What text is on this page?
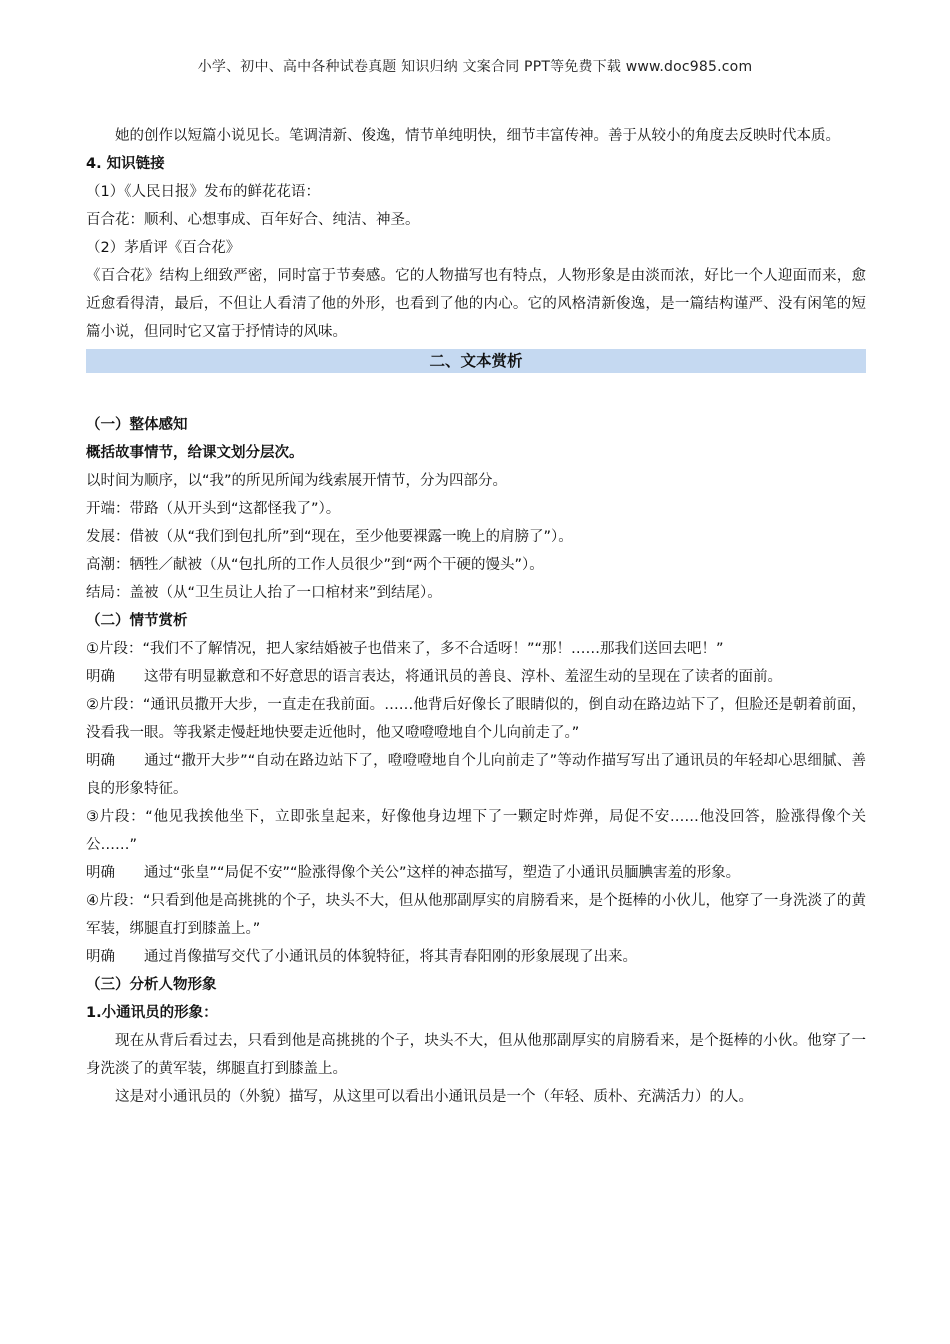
小学、初中、高中各种试卷真题 知识归纳 文案合同 PPT等免费下载 www.doc985.com

她的创作以短篇小说见长。笔调清新、俊逸，情节单纯明快，细节丰富传神。善于从较小的角度去反映时代本质。

4. 知识链接

（1）《人民日报》发布的鲜花花语：

百合花：顺利、心想事成、百年好合、纯洁、神圣。

（2）茅盾评《百合花》

《百合花》结构上细致严密，同时富于节奏感。它的人物描写也有特点，人物形象是由淡而浓，好比一个人迎面而来，愈近愈看得清，最后，不但让人看清了他的外形，也看到了他的内心。它的风格清新俊逸，是一篇结构谨严、没有闲笔的短篇小说，但同时它又富于抒情诗的风味。

二、文本赏析

（一）整体感知

概括故事情节，给课文划分层次。

以时间为顺序，以“我”的所见所闻为线索展开情节，分为四部分。

开端：带路（从开头到“这都怪我了”）。

发展：借被（从“我们到包扎所”到“现在，至少他要裸露一晚上的肩膀了”）。

高潮：牺牲／献被（从“包扎所的工作人员很少”到“两个干硬的馒头”）。

结局：盖被（从“卫生员让人抬了一口棺材来”到结尾）。

（二）情节赏析

①片段：“我们不了解情况，把人家结婚被子也借来了，多不合适呀！”“那！……那我们送回去吧！”

明确 这带有明显歉意和不好意思的语言表达，将通讯员的善良、淳朴、羞涩生动的呈现在了读者的面前。

②片段：“通讯员撒开大步，一直走在我前面。……他背后好像长了眼睛似的，倒自动在路边站下了，但脸还是朝着前面，没看我一眼。等我紧走慢赶地快要走近他时，他又噔噔噔地自个儿向前走了。”

明确 通过“撒开大步”“自动在路边站下了，噔噔噔地自个儿向前走了”等动作描写写出了通讯员的年轻却心思细腻、善良的形象特征。

③片段：“他见我挨他坐下，立即张皇起来，好像他身边埋下了一颗定时炸弹，局促不安……他没回答，脸涨得像个关公……”

明确 通过“张皇”“局促不安”“脸涨得像个关公”这样的神态描写，塑造了小通讯员腼腆害羞的形象。

④片段：“只看到他是高挑挑的个子，块头不大，但从他那副厚实的肩膀看来，是个挺棒的小伙儿，他穿了一身洗淡了的黄军装，绑腿直打到膝盖上。”

明确 通过肖像描写交代了小通讯员的体貌特征，将其青春阳刚的形象展现了出来。

（三）分析人物形象

1.小通讯员的形象：

现在从背后看过去，只看到他是高挑挑的个子，块头不大，但从他那副厚实的肩膀看来，是个挺棒的小伙。他穿了一身洗淡了的黄军装，绑腿直打到膝盖上。

这是对小通讯员的（外貌）描写，从这里可以看出小通讯员是一个（年轻、质朴、充满活力）的人。
